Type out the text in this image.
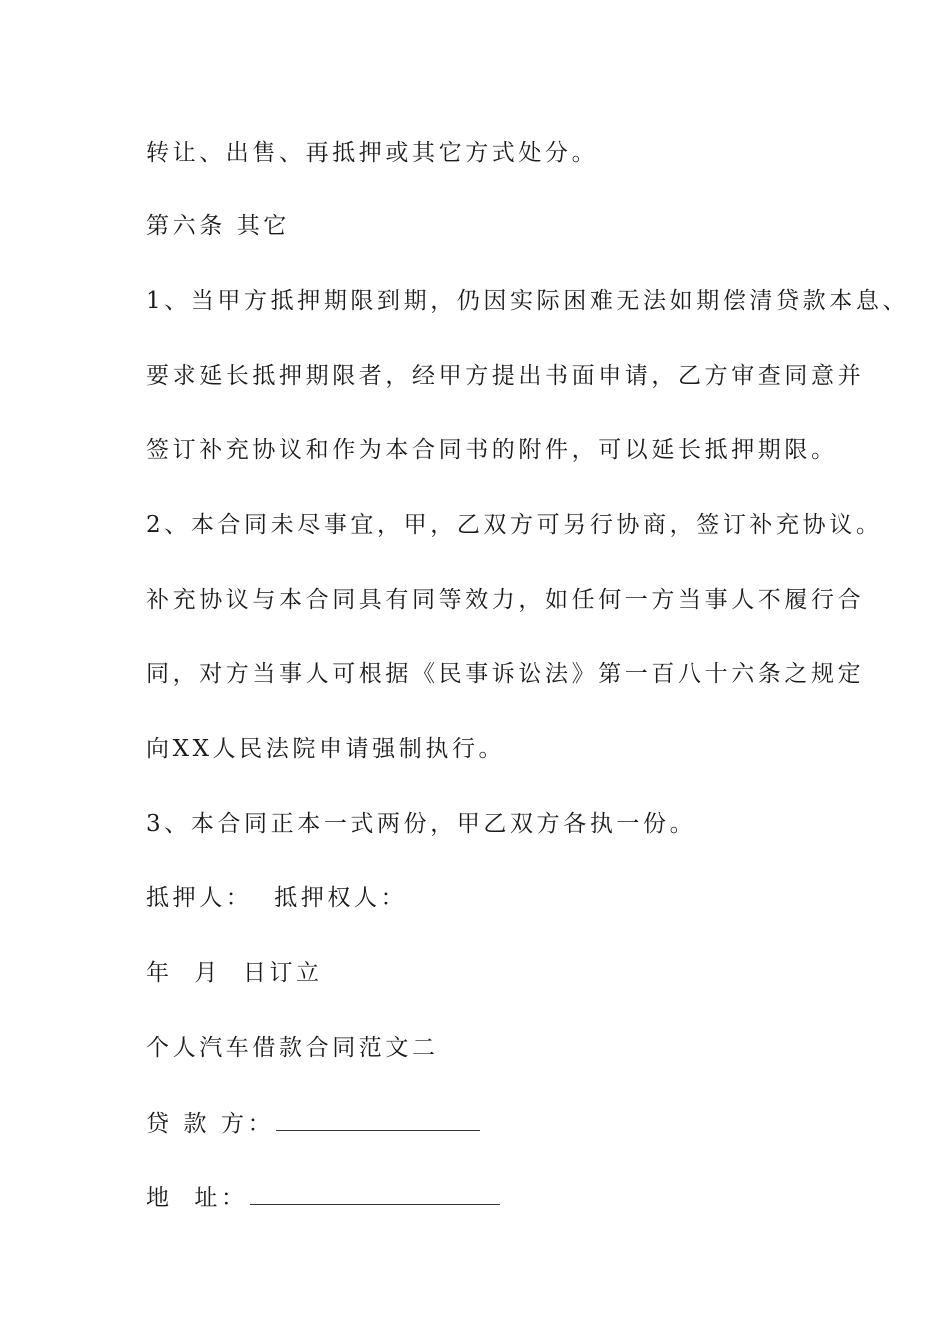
转让、出售、再抵押或其它方式处分。
第六条 其它
1、当甲方抵押期限到期，仍因实际困难无法如期偿清贷款本息、
要求延长抵押期限者，经甲方提出书面申请，乙方审查同意并
签订补充协议和作为本合同书的附件，可以延长抵押期限。
2、本合同未尽事宜，甲，乙双方可另行协商，签订补充协议。
补充协议与本合同具有同等效力，如任何一方当事人不履行合
同，对方当事人可根据《民事诉讼法》第一百八十六条之规定
向XX人民法院申请强制执行。
3、本合同正本一式两份，甲乙双方各执一份。
抵押人：  抵押权人：
年  月  日订立
个人汽车借款合同范文二
贷 款 方：
地  址：
